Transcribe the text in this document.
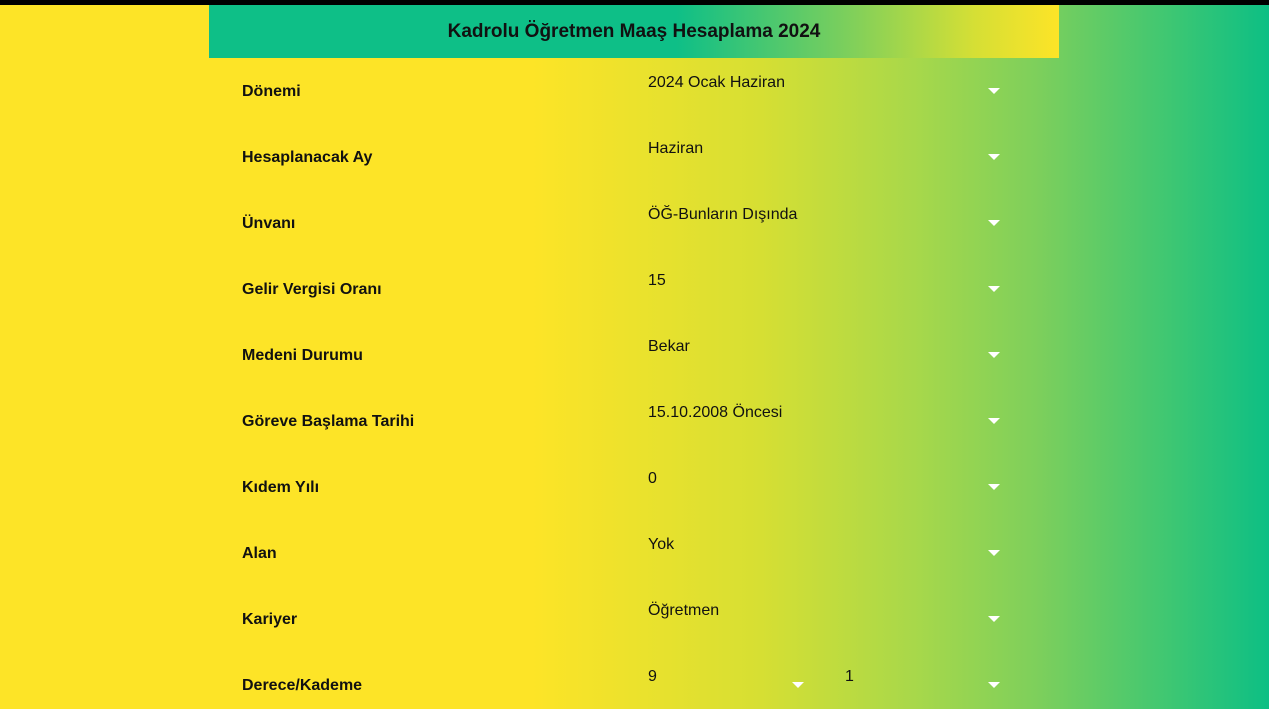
Kadrolu Öğretmen Maaş Hesaplama 2024
Dönemi
2024 Ocak Haziran
Hesaplanacak Ay
Haziran
Ünvanı
ÖĞ-Bunların Dışında
Gelir Vergisi Oranı
15
Medeni Durumu
Bekar
Göreve Başlama Tarihi
15.10.2008 Öncesi
Kıdem Yılı
0
Alan
Yok
Kariyer
Öğretmen
Derece/Kademe
9	1
